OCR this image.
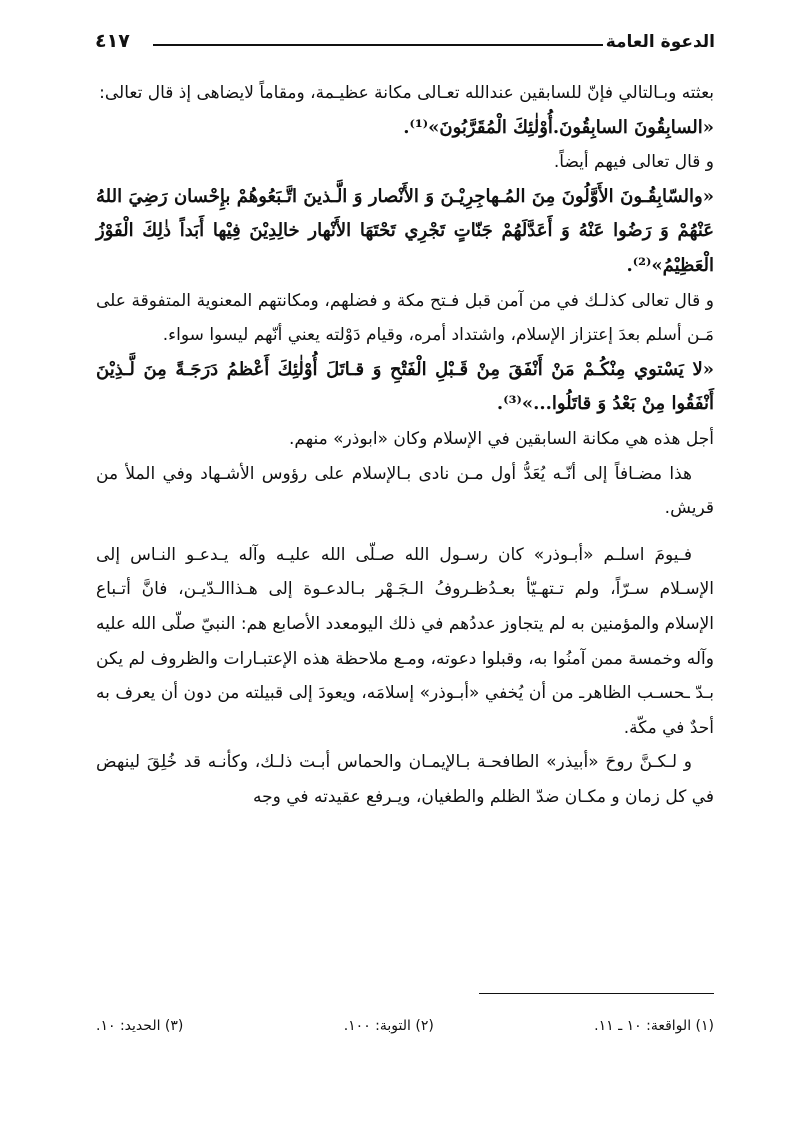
الدعوة العامة
٤١٧

بعثته وبـالتالي فإنّ للسابقين عندالله تعـالى مكانة عظيـمة، ومقاماً لايضاهى إذ قال تعالى:

«السابِقُونَ السابِقُونَ.أُوْلٰئِكَ الْمُقَرَّبُونَ»⁽¹⁾.

و قال تعالى فيهم أيضاً.

«والسّابِقُـونَ الأَوَّلُونَ مِنَ المُـهاجِرِيْـنَ وَ الأَنْصار وَ الَّـذينَ اتَّـبَعُوهُمْ بإِحْسان رَضِيَ اللهُ عَنْهُمْ وَ رَضُوا عَنْهُ وَ أَعَدَّلَهُمْ جَنّاتٍ تَجْرِي تَحْتَهَا الأَنْهار خالِدِيْنَ فِيْها أَبَداً ذٰلِكَ الْفَوْزُ الْعَظِيْمُ»⁽²⁾.

و قال تعالى كذلـك في من آمن قبل فـتح مكة و فضلهم، ومكانتهم المعنوية المتفوقة على مَـن أسلم بعدَ إعتزاز الإسلام، واشتداد أمره، وقيام دَوْلته يعني أنّهم ليسوا سواء.

«لا يَسْتوي مِنْكُـمْ مَنْ أَنْفَقَ مِنْ قَـبْلِ الْفَتْحِ وَ قـاتَلَ أُوْلٰئِكَ أَعْظمُ دَرَجَـةً مِنَ لَّـذِيْنَ أَنْفَقُوا مِنْ بَعْدُ وَ قاتَلُوا...»⁽³⁾.

أجل هذه هي مكانة السابقين في الإسلام وكان «ابوذر» منهم.

هذا مضـافاً إلى أنّـه يُعَدُّ أول مـن نادى بـالإسلام على رؤوس الأشـهاد وفي الملأ من قريش.

فـيومَ اسلـم «أبـوذر» كان رسـول الله صـلّى الله عليـه وآله يـدعـو النـاس إلى الإسـلام سـرّاً، ولم تـتهـيّأ بعـدُظـروفُ الـجَـهْر بـالدعـوة إلى هـذاالـدّيـن، فانَّ أتـباع الإسلام والمؤمنين به لم يتجاوز عددُهم في ذلك اليومعدد الأصابع هم: النبيّ صلّى الله عليه وآله وخمسة ممن آمنُوا به، وقبلوا دعوته، ومـع ملاحظة هذه الإعتبـارات والظروف لم يكن بـدّ ـحسـب الظاهرـ من أن يُخفي «أبـوذر» إسلامَه، ويعودَ إلى قبيلته من دون أن يعرف به أحدٌ في مكّة.

و لـكـنَّ روحَ «أبيذر» الطافحـة بـالإيمـان والحماس أبـت ذلـك، وكأنـه قد خُلِقَ لينهض في كل زمان و مكـان ضدّ الظلم والطغيان، ويـرفع عقيدته في وجه

(١) الواقعة: ١٠ ـ ١١.
(٢) التوبة: ١٠٠.
(٣) الحديد: ١٠.
